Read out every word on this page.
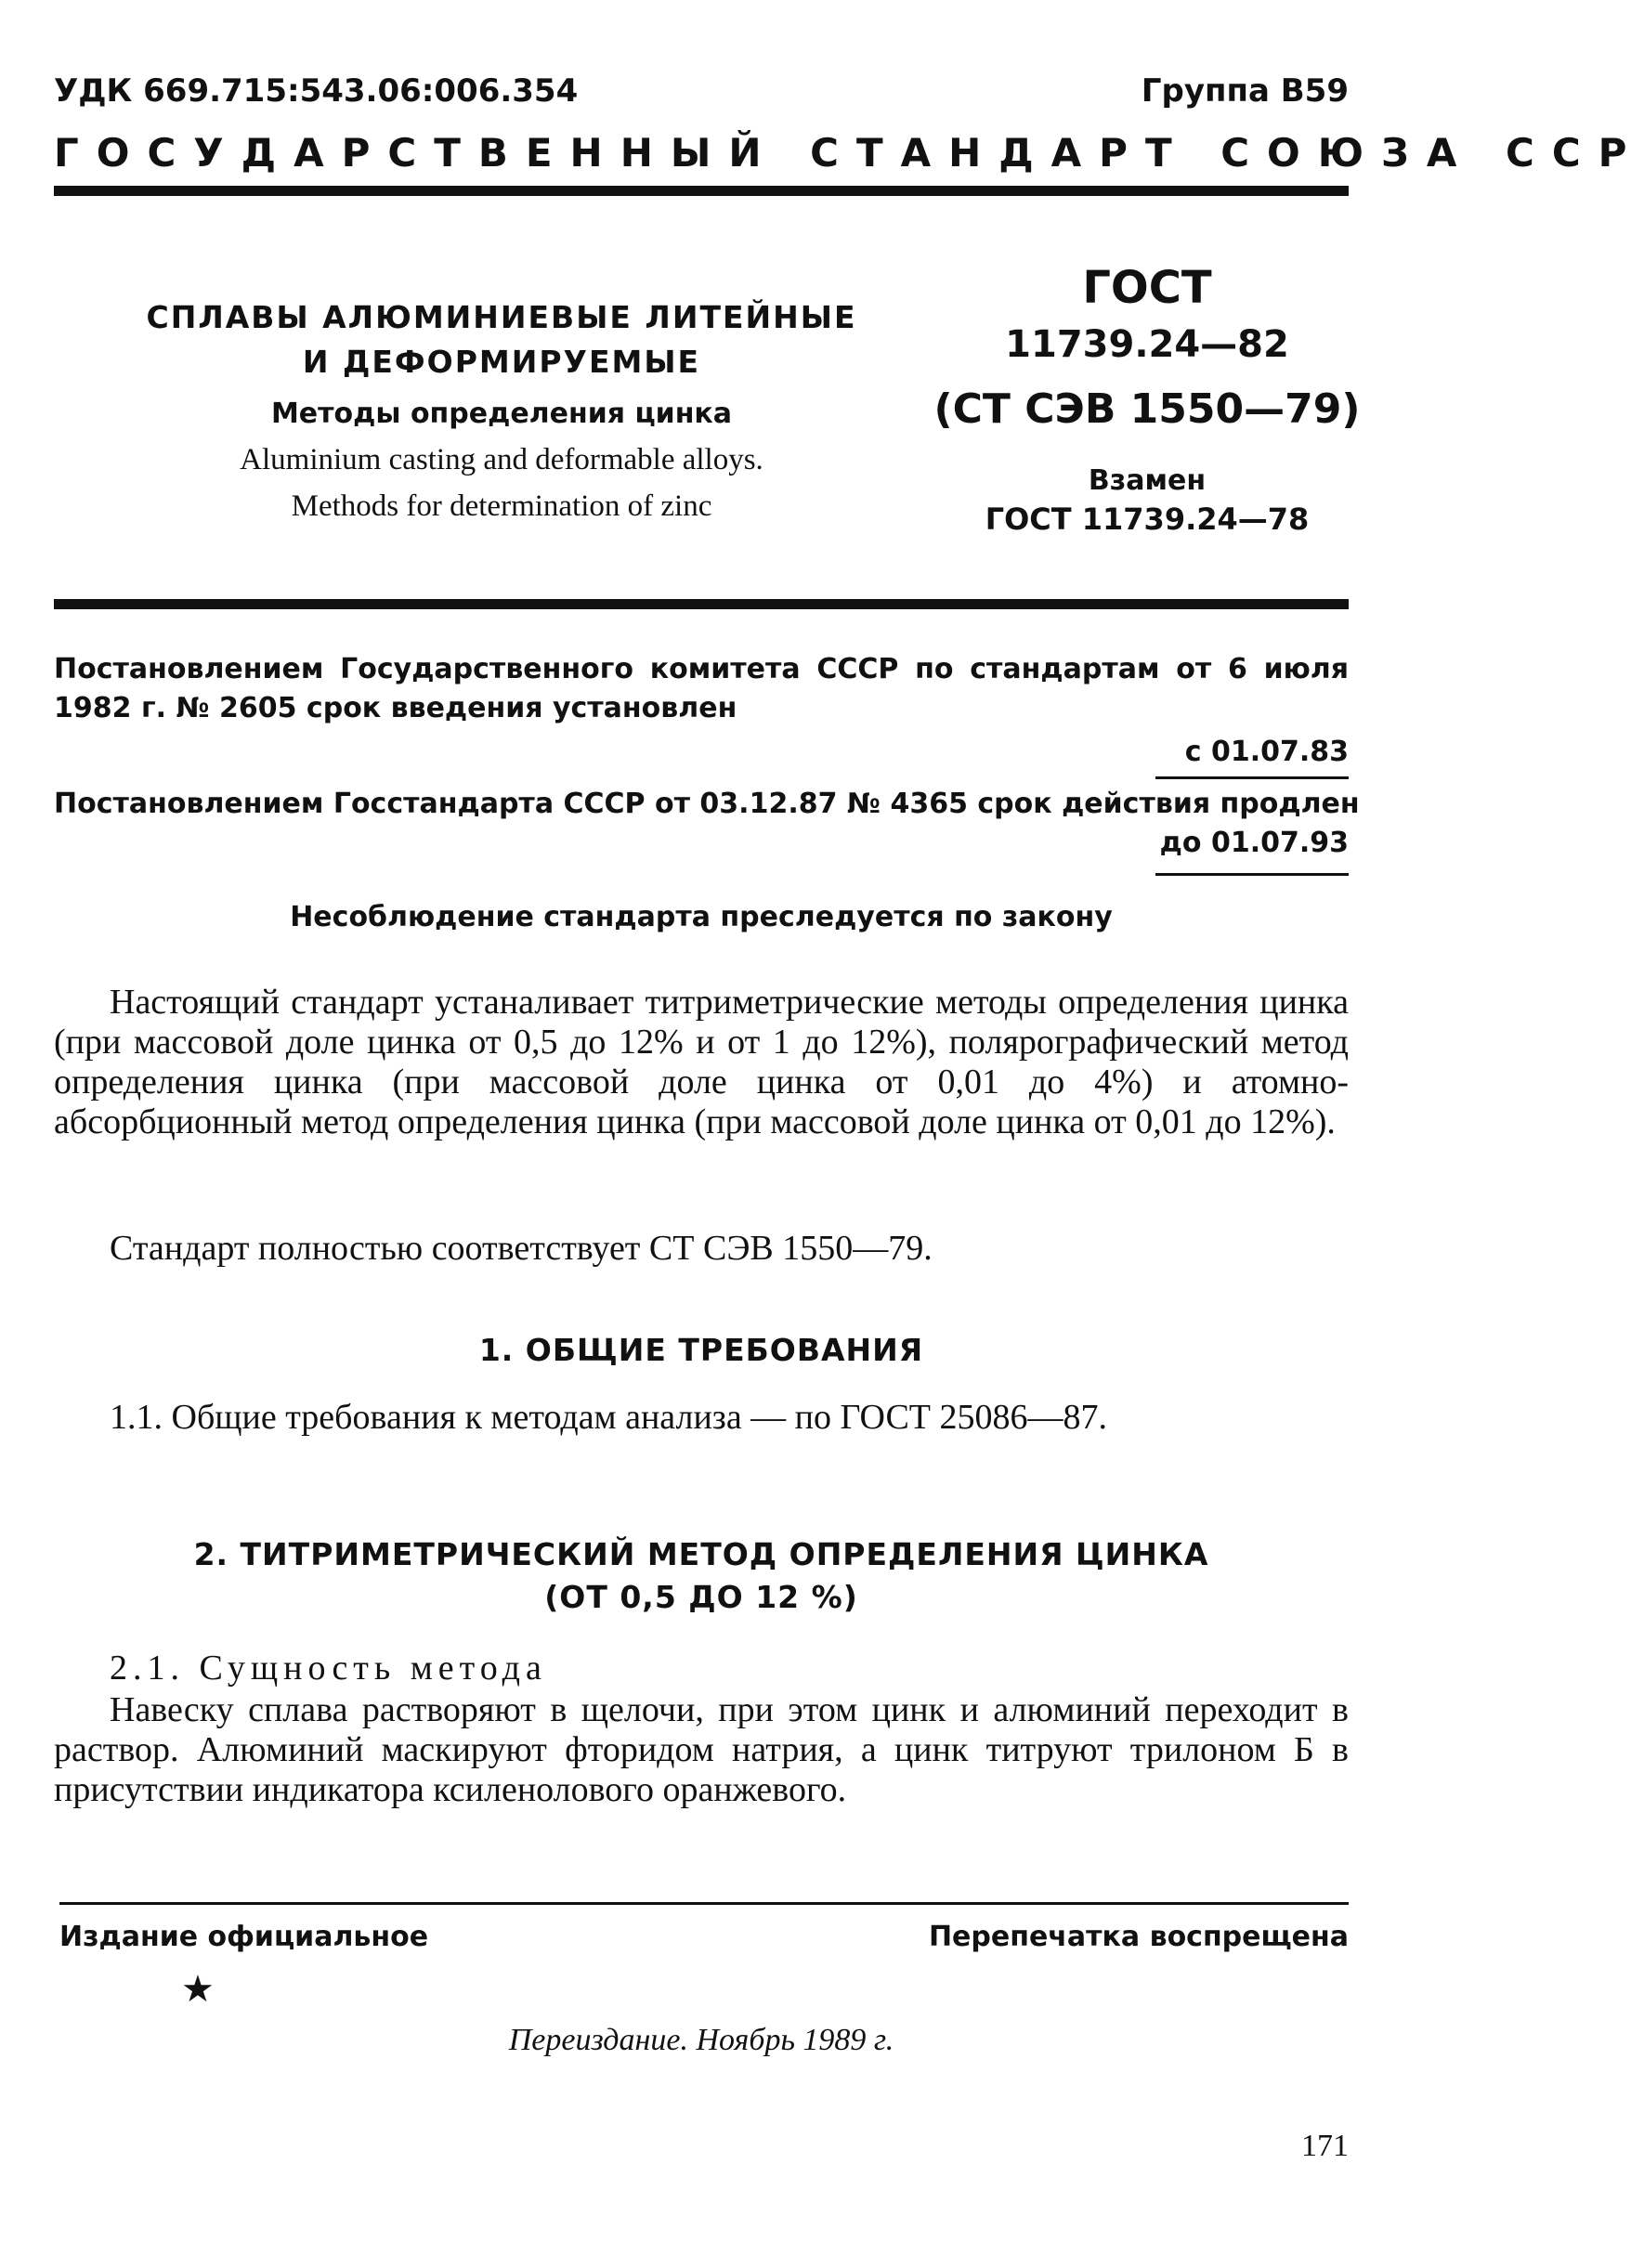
УДК 669.715:543.06:006.354	Группа В59
ГОСУДАРСТВЕННЫЙ СТАНДАРТ СОЮЗА ССР
СПЛАВЫ АЛЮМИНИЕВЫЕ ЛИТЕЙНЫЕ
И ДЕФОРМИРУЕМЫЕ
Методы определения цинка
Aluminium casting and deformable alloys.
Methods for determination of zinc
ГОСТ
11739.24—82
(СТ СЭВ 1550—79)
Взамен
ГОСТ 11739.24—78
Постановлением Государственного комитета СССР по стандартам от 6 июля 1982 г. № 2605 срок введения установлен
с 01.07.83
Постановлением Госстандарта СССР от 03.12.87 № 4365 срок действия продлен
до 01.07.93
Несоблюдение стандарта преследуется по закону
Настоящий стандарт устаналивает титриметрические методы определения цинка (при массовой доле цинка от 0,5 до 12% и от 1 до 12%), полярографический метод определения цинка (при массовой доле цинка от 0,01 до 4%) и атомно-абсорбционный метод определения цинка (при массовой доле цинка от 0,01 до 12%).
Стандарт полностью соответствует СТ СЭВ 1550—79.
1. ОБЩИЕ ТРЕБОВАНИЯ
1.1. Общие требования к методам анализа — по ГОСТ 25086—87.
2. ТИТРИМЕТРИЧЕСКИЙ МЕТОД ОПРЕДЕЛЕНИЯ ЦИНКА
(ОТ 0,5 ДО 12 %)
2.1. Сущность метода
Навеску сплава растворяют в щелочи, при этом цинк и алюминий переходит в раствор. Алюминий маскируют фторидом натрия, а цинк титруют трилоном Б в присутствии индикатора ксиленолового оранжевого.
Издание официальное	Перепечатка воспрещена
★
Переиздание. Ноябрь 1989 г.
171
